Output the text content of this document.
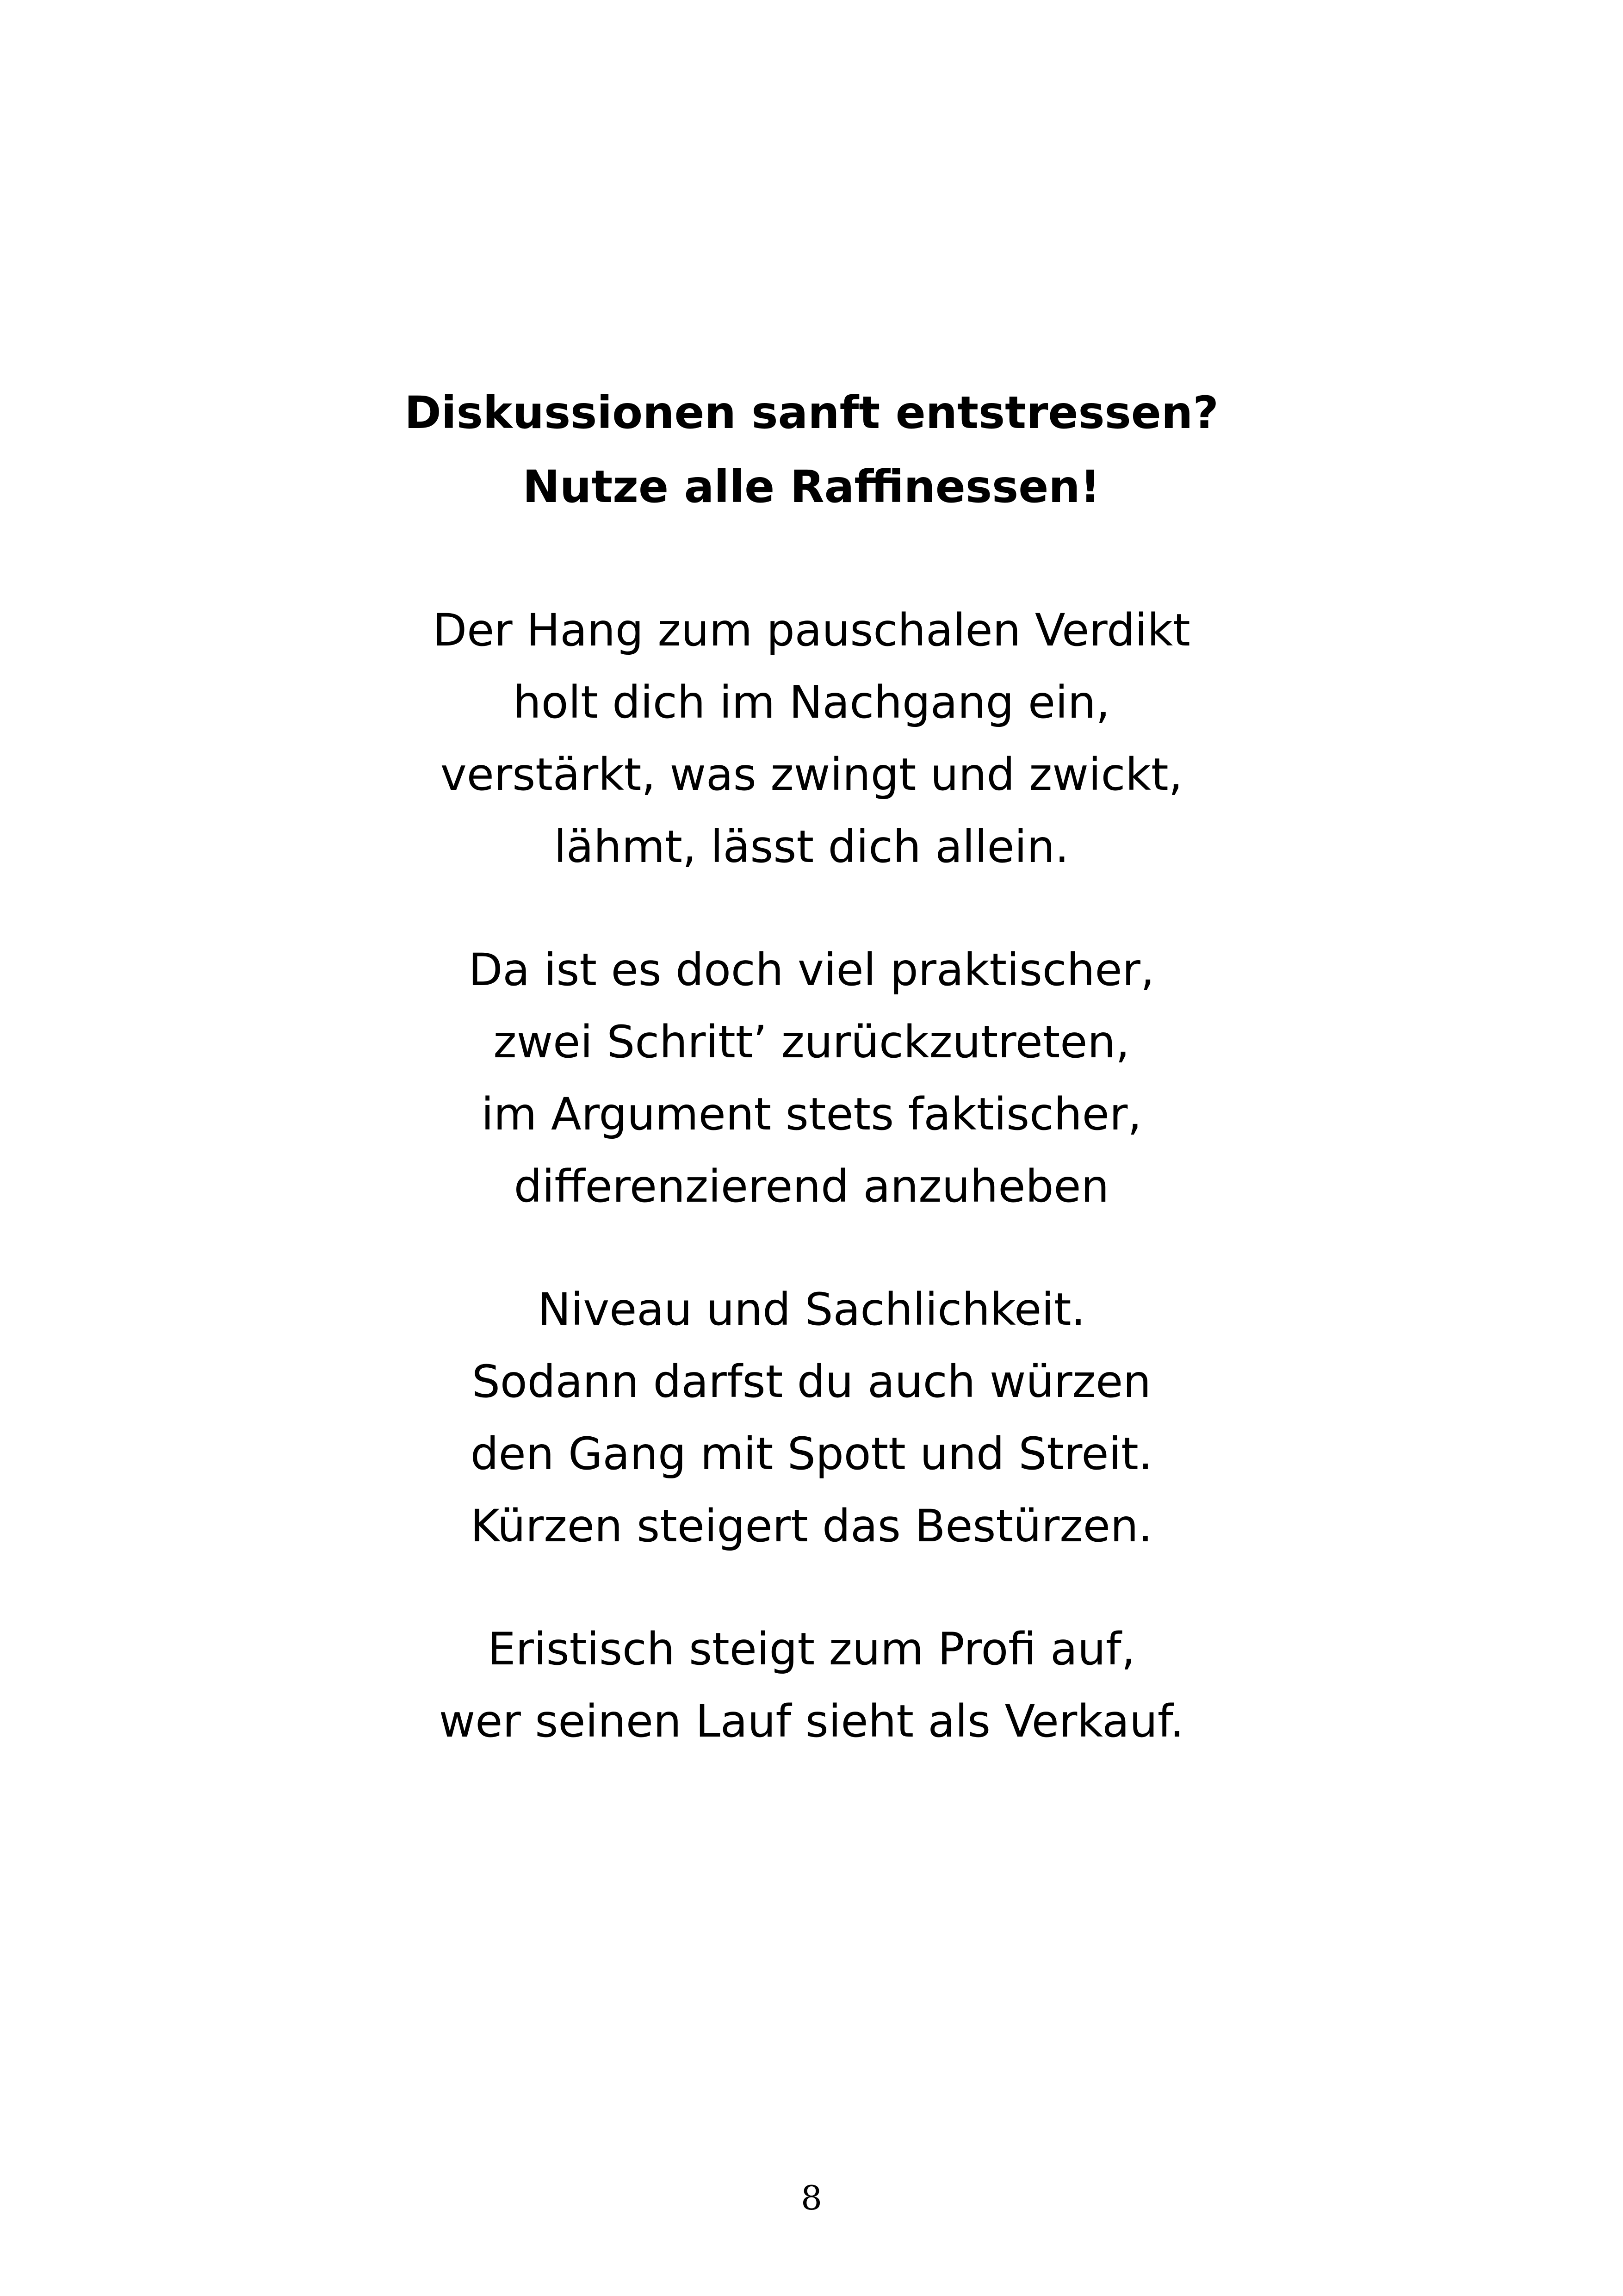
Diskussionen sanft entstressen?
Nutze alle Raffinessen!
Der Hang zum pauschalen Verdikt
holt dich im Nachgang ein,
verstärkt, was zwingt und zwickt,
lähmt, lässt dich allein.
Da ist es doch viel praktischer,
zwei Schritt’ zurückzutreten,
im Argument stets faktischer,
differenzierend anzuheben
Niveau und Sachlichkeit.
Sodann darfst du auch würzen
den Gang mit Spott und Streit.
Kürzen steigert das Bestürzen.
Eristisch steigt zum Profi auf,
wer seinen Lauf sieht als Verkauf.
8
